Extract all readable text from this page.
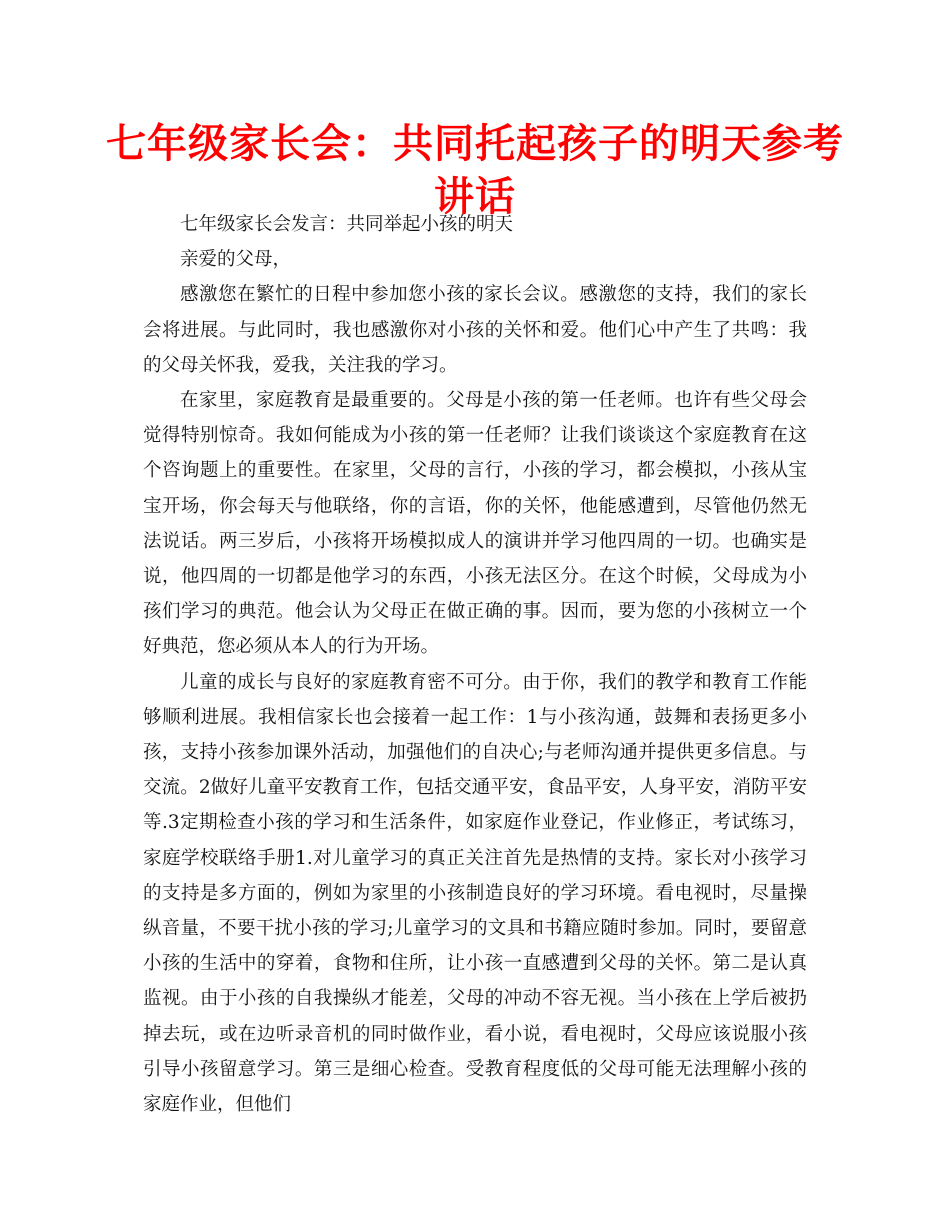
七年级家长会：共同托起孩子的明天参考讲话

七年级家长会发言：共同举起小孩的明天

亲爱的父母，

感激您在繁忙的日程中参加您小孩的家长会议。感激您的支持，我们的家长会将进展。与此同时，我也感激你对小孩的关怀和爱。他们心中产生了共鸣：我的父母关怀我，爱我，关注我的学习。

在家里，家庭教育是最重要的。父母是小孩的第一任老师。也许有些父母会觉得特别惊奇。我如何能成为小孩的第一任老师？让我们谈谈这个家庭教育在这个咨询题上的重要性。在家里，父母的言行，小孩的学习，都会模拟，小孩从宝宝开场，你会每天与他联络，你的言语，你的关怀，他能感遭到，尽管他仍然无法说话。两三岁后，小孩将开场模拟成人的演讲并学习他四周的一切。也确实是说，他四周的一切都是他学习的东西，小孩无法区分。在这个时候，父母成为小孩们学习的典范。他会认为父母正在做正确的事。因而，要为您的小孩树立一个好典范，您必须从本人的行为开场。

儿童的成长与良好的家庭教育密不可分。由于你，我们的教学和教育工作能够顺利进展。我相信家长也会接着一起工作：1与小孩沟通，鼓舞和表扬更多小孩，支持小孩参加课外活动，加强他们的自决心;与老师沟通并提供更多信息。与交流。2做好儿童平安教育工作，包括交通平安，食品平安，人身平安，消防平安等.3定期检查小孩的学习和生活条件，如家庭作业登记，作业修正，考试练习，家庭学校联络手册1.对儿童学习的真正关注首先是热情的支持。家长对小孩学习的支持是多方面的，例如为家里的小孩制造良好的学习环境。看电视时，尽量操纵音量，不要干扰小孩的学习;儿童学习的文具和书籍应随时参加。同时，要留意小孩的生活中的穿着，食物和住所，让小孩一直感遭到父母的关怀。第二是认真监视。由于小孩的自我操纵才能差，父母的冲动不容无视。当小孩在上学后被扔掉去玩，或在边听录音机的同时做作业，看小说，看电视时，父母应该说服小孩引导小孩留意学习。第三是细心检查。受教育程度低的父母可能无法理解小孩的家庭作业，但他们
